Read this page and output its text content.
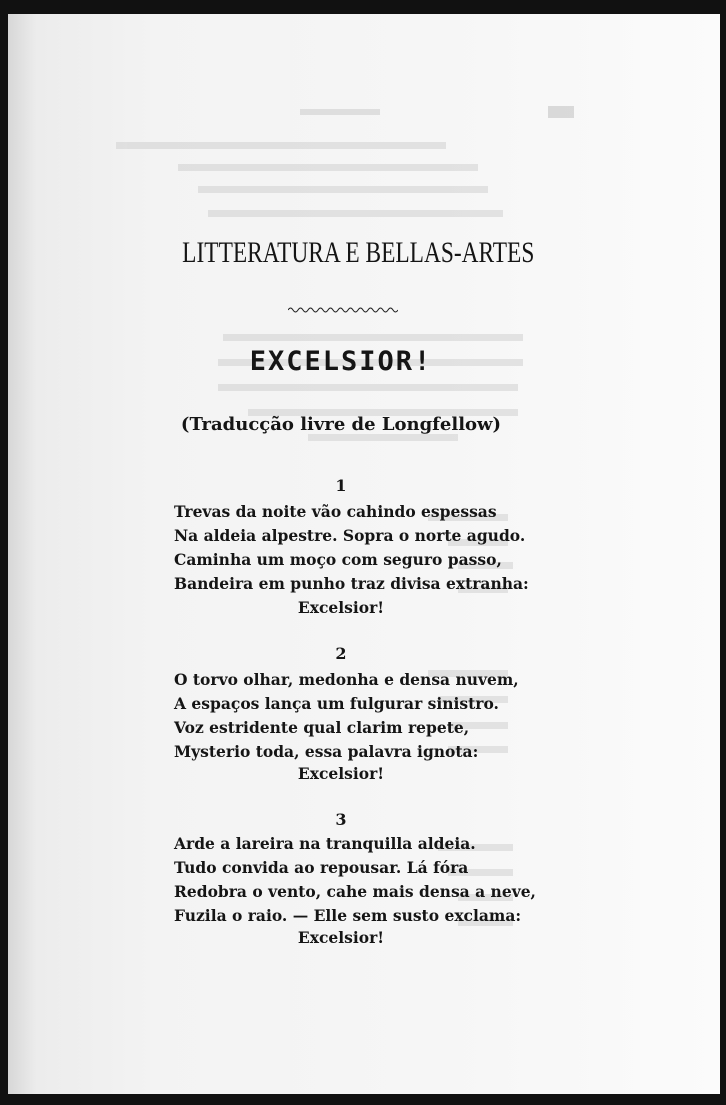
LITTERATURA E BELLAS-ARTES
EXCELSIOR!
(Traducção livre de Longfellow)
1
Trevas da noite vão cahindo espessas
Na aldeia alpestre. Sopra o norte agudo.
Caminha um moço com seguro passo,
Bandeira em punho traz divisa extranha:
Excelsior!
2
O torvo olhar, medonha e densa nuvem,
A espaços lança um fulgurar sinistro.
Voz estridente qual clarim repete,
Mysterio toda, essa palavra ignota:
Excelsior!
3
Arde a lareira na tranquilla aldeia.
Tudo convida ao repousar. Lá fóra
Redobra o vento, cahe mais densa a neve,
Fuzila o raio. — Elle sem susto exclama:
Excelsior!
